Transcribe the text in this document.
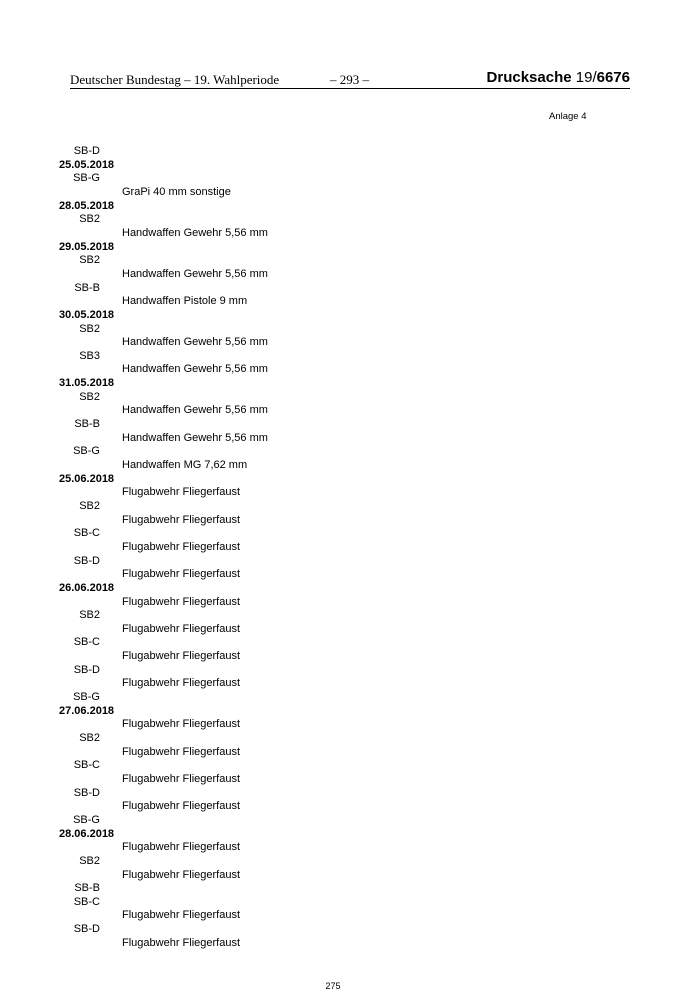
Deutscher Bundestag – 19. Wahlperiode	– 293 –	Drucksache 19/6676
Anlage 4
SB-D
25.05.2018
SB-G
GraPi 40 mm sonstige
28.05.2018
SB2
Handwaffen Gewehr 5,56 mm
29.05.2018
SB2
Handwaffen Gewehr 5,56 mm
SB-B
Handwaffen Pistole 9 mm
30.05.2018
SB2
Handwaffen Gewehr 5,56 mm
SB3
Handwaffen Gewehr 5,56 mm
31.05.2018
SB2
Handwaffen Gewehr 5,56 mm
SB-B
Handwaffen Gewehr 5,56 mm
SB-G
Handwaffen MG 7,62 mm
25.06.2018
Flugabwehr Fliegerfaust
SB2
Flugabwehr Fliegerfaust
SB-C
Flugabwehr Fliegerfaust
SB-D
Flugabwehr Fliegerfaust
26.06.2018
Flugabwehr Fliegerfaust
SB2
Flugabwehr Fliegerfaust
SB-C
Flugabwehr Fliegerfaust
SB-D
Flugabwehr Fliegerfaust
SB-G
27.06.2018
Flugabwehr Fliegerfaust
SB2
Flugabwehr Fliegerfaust
SB-C
Flugabwehr Fliegerfaust
SB-D
Flugabwehr Fliegerfaust
SB-G
28.06.2018
Flugabwehr Fliegerfaust
SB2
Flugabwehr Fliegerfaust
SB-B
SB-C
Flugabwehr Fliegerfaust
SB-D
Flugabwehr Fliegerfaust
275
